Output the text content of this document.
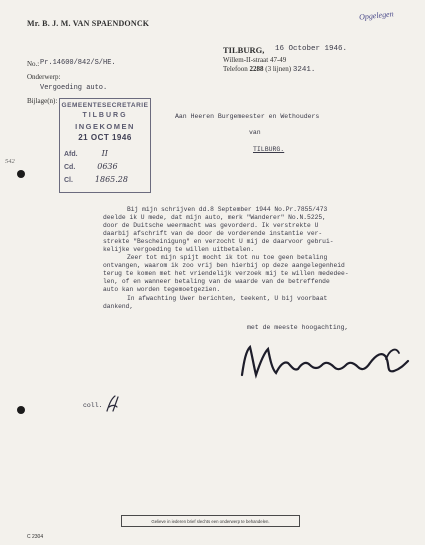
Mr. B. J. M. VAN SPAENDONCK
Opgelegen
TILBURG, 16 October 1946.
Willem-II-straat 47-49
Telefoon 2288 (3 lijnen) 3241.
No.: Pr.14600/842/S/HE.
Onderwerp:
Vergoeding auto.
Bijlage(n):
GEMEENTESECRETARIE
TILBURG
INGEKOMEN
21 OCT 1946
Afd.	II
Cd.	0636
Cl.	1865.28
542
Aan Heeren Burgemeester en Wethouders
van
TILBURG.
Bij mijn schrijven dd.8 September 1944 No.Pr.7855/473
deelde ik U mede, dat mijn auto, merk "Wanderer" No.N.5225,
door de Duitsche weermacht was gevorderd. Ik verstrekte U
daarbij afschrift van de door de vorderende instantie ver-
strekte "Bescheinigung" en verzocht U mij de daarvoor gebrui-
kelijke vergoeding te willen uitbetalen.
Zeer tot mijn spijt mocht ik tot nu toe geen betaling
ontvangen, waarom ik zoo vrij ben hierbij op deze aangelegenheid
terug te komen met het vriendelijk verzoek mij te willen mededee-
len, of en wanneer betaling van de waarde van de betreffende
auto kan worden tegemoetgezien.
In afwachting Uwer berichten, teekent, U bij voorbaat
dankend,
met de meeste hoogachting,
coll.
Gelieve in iederen brief slechts een onderwerp te behandelen.
C 2304
